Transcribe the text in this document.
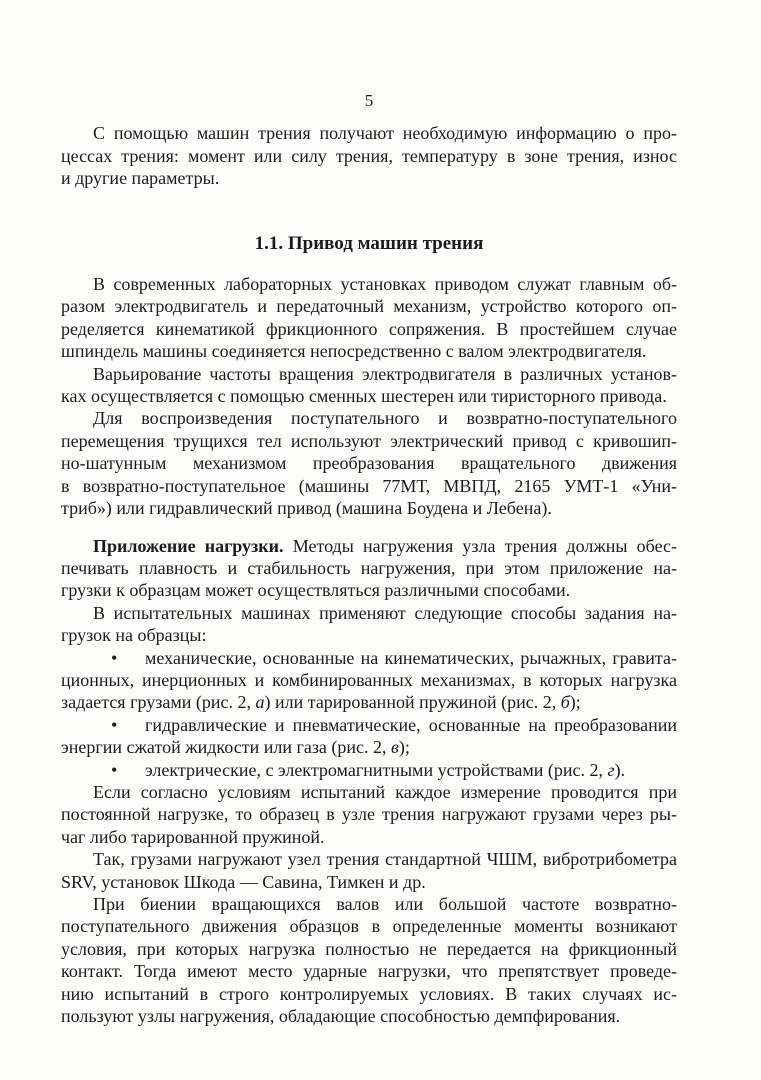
5
С помощью машин трения получают необходимую информацию о про-
цессах трения: момент или силу трения, температуру в зоне трения, износ
и другие параметры.
1.1. Привод машин трения
В современных лабораторных установках приводом служат главным об-
разом электродвигатель и передаточный механизм, устройство которого оп-
ределяется кинематикой фрикционного сопряжения. В простейшем случае
шпиндель машины соединяется непосредственно с валом электродвигателя.
Варьирование частоты вращения электродвигателя в различных установ-
ках осуществляется с помощью сменных шестерен или тиристорного привода.
Для воспроизведения поступательного и возвратно-поступательного
перемещения трущихся тел используют электрический привод с кривошип-
но-шатунным механизмом преобразования вращательного движения
в возвратно-поступательное (машины 77МТ, МВПД, 2165 УМТ-1 «Уни-
триб») или гидравлический привод (машина Боудена и Лебена).
Приложение нагрузки. Методы нагружения узла трения должны обес-
печивать плавность и стабильность нагружения, при этом приложение на-
грузки к образцам может осуществляться различными способами.
В испытательных машинах применяют следующие способы задания на-
грузок на образцы:
• механические, основанные на кинематических, рычажных, гравита-
ционных, инерционных и комбинированных механизмах, в которых нагрузка
задается грузами (рис. 2, а) или тарированной пружиной (рис. 2, б);
• гидравлические и пневматические, основанные на преобразовании
энергии сжатой жидкости или газа (рис. 2, в);
• электрические, с электромагнитными устройствами (рис. 2, г).
Если согласно условиям испытаний каждое измерение проводится при
постоянной нагрузке, то образец в узле трения нагружают грузами через ры-
чаг либо тарированной пружиной.
Так, грузами нагружают узел трения стандартной ЧШМ, вибротрибометра
SRV, установок Шкода — Савина, Тимкен и др.
При биении вращающихся валов или большой частоте возвратно-
поступательного движения образцов в определенные моменты возникают
условия, при которых нагрузка полностью не передается на фрикционный
контакт. Тогда имеют место ударные нагрузки, что препятствует проведе-
нию испытаний в строго контролируемых условиях. В таких случаях ис-
пользуют узлы нагружения, обладающие способностью демпфирования.
